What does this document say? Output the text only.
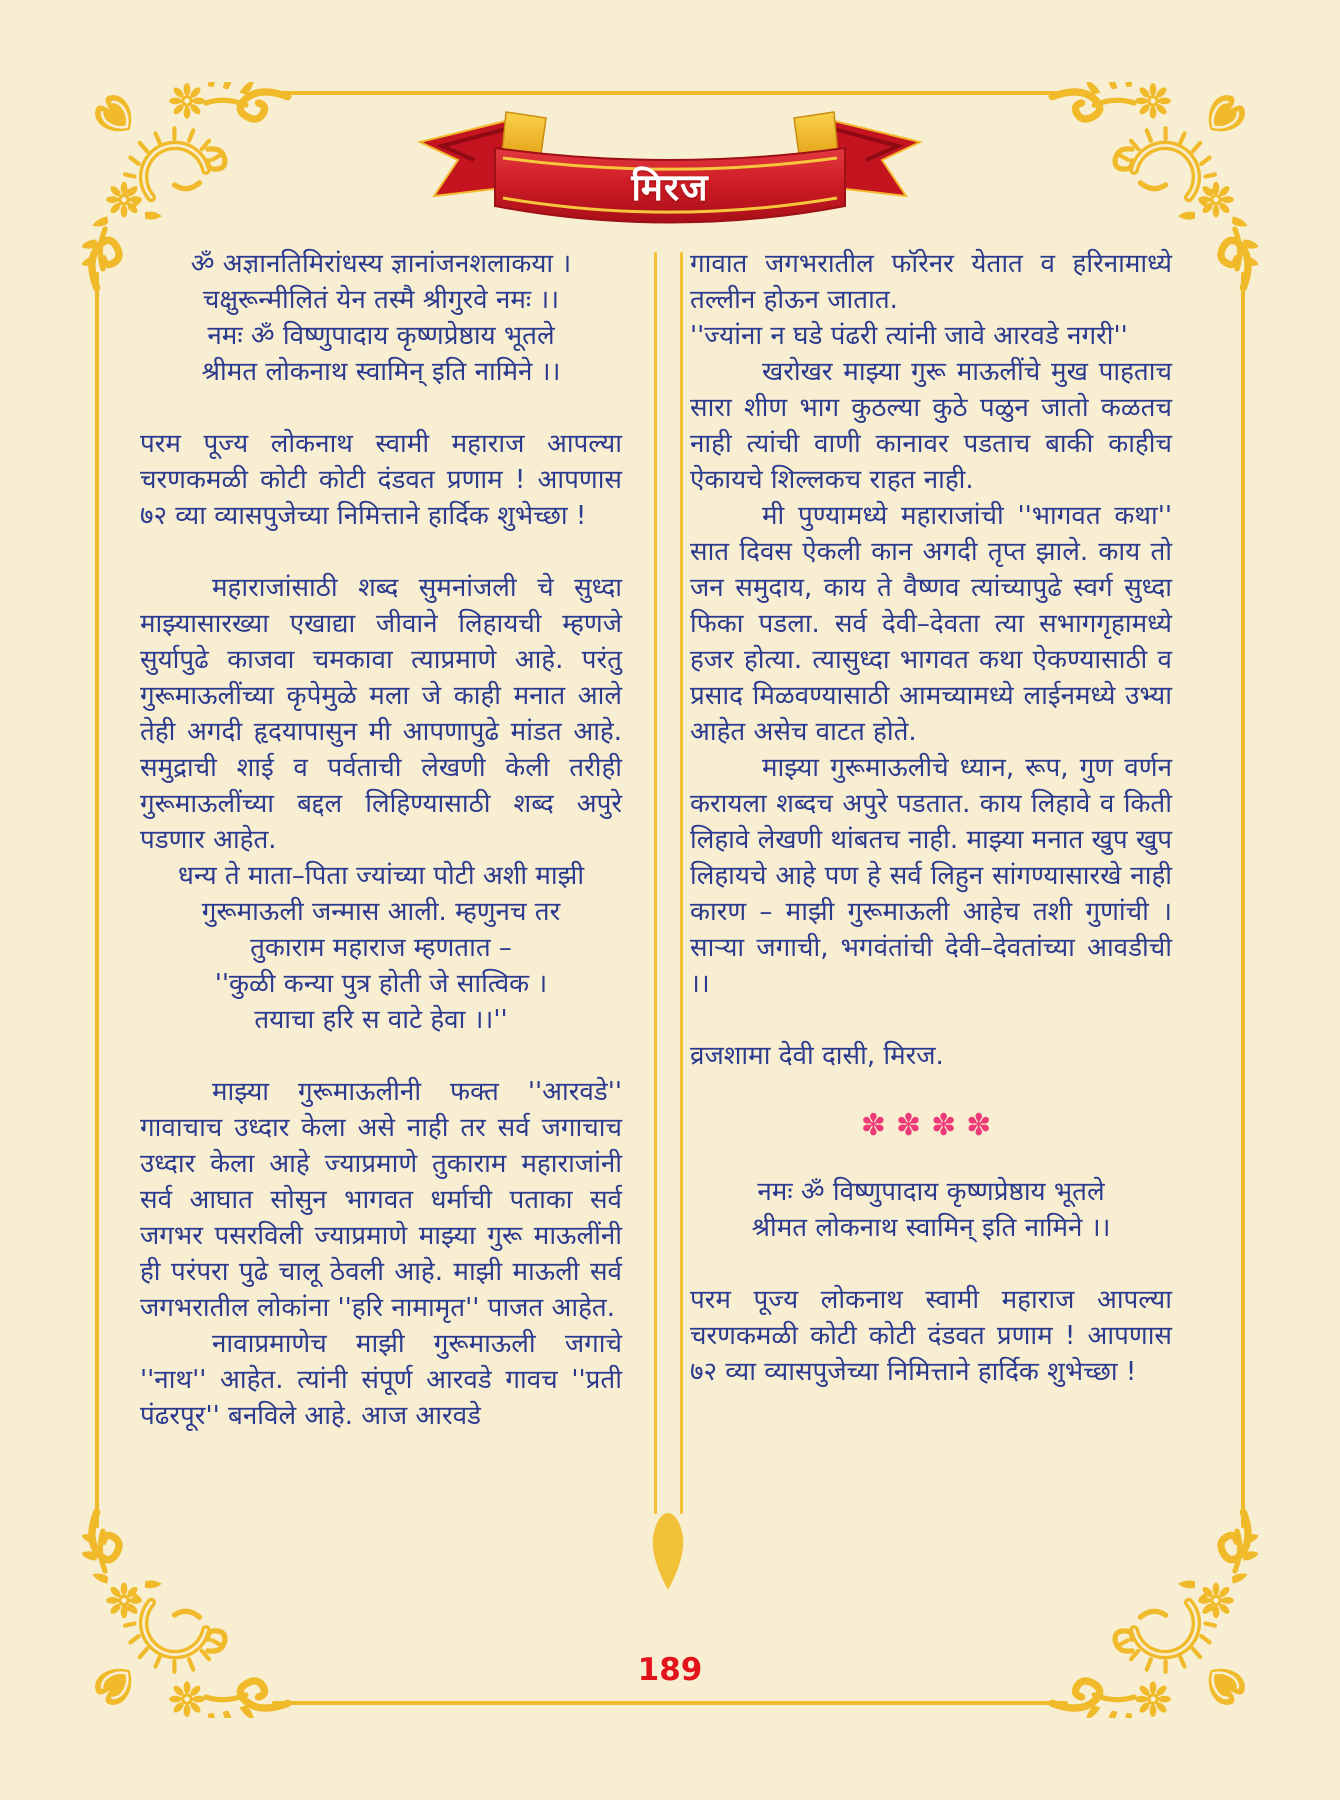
मिरज
ॐ अज्ञानतिमिरांधस्य ज्ञानांजनशलाकया ।
चक्षुरून्मीलितं येन तस्मै श्रीगुरवे नमः ।।
नमः ॐ विष्णुपादाय कृष्णप्रेष्ठाय भूतले
श्रीमत लोकनाथ स्वामिन् इति नामिने ।।

परम पूज्य लोकनाथ स्वामी महाराज आपल्या चरणकमळी कोटी कोटी दंडवत प्रणाम ! आपणास ७२ व्या व्यासपुजेच्या निमित्ताने हार्दिक शुभेच्छा !

महाराजांसाठी शब्द सुमनांजली चे सुध्दा माझ्यासारख्या एखाद्या जीवाने लिहायची म्हणजे सुर्यापुढे काजवा चमकावा त्याप्रमाणे आहे. परंतु गुरूमाऊलींच्या कृपेमुळे मला जे काही मनात आले तेही अगदी हृदयापासुन मी आपणापुढे मांडत आहे. समुद्राची शाई व पर्वताची लेखणी केली तरीही गुरूमाऊलींच्या बद्दल लिहिण्यासाठी शब्द अपुरे पडणार आहेत.

धन्य ते माता–पिता ज्यांच्या पोटी अशी माझी
गुरूमाऊली जन्मास आली. म्हणुनच तर
तुकाराम महाराज म्हणतात –
''कुळी कन्या पुत्र होती जे सात्विक ।
तयाचा हरि स वाटे हेवा ।।''

माझ्या गुरूमाऊलीनी फक्त ''आरवडे'' गावाचाच उध्दार केला असे नाही तर सर्व जगाचाच उध्दार केला आहे ज्याप्रमाणे तुकाराम महाराजांनी सर्व आघात सोसुन भागवत धर्माची पताका सर्व जगभर पसरविली ज्याप्रमाणे माझ्या गुरू माऊलींनी ही परंपरा पुढे चालू ठेवली आहे. माझी माऊली सर्व जगभरातील लोकांना ''हरि नामामृत'' पाजत आहेत.

नावाप्रमाणेच माझी गुरूमाऊली जगाचे ''नाथ'' आहेत. त्यांनी संपूर्ण आरवडे गावच ''प्रती पंढरपूर'' बनविले आहे. आज आरवडे

गावात जगभरातील फॉरेनर येतात व हरिनामाध्ये तल्लीन होऊन जातात.

''ज्यांना न घडे पंढरी त्यांनी जावे आरवडे नगरी''

खरोखर माझ्या गुरू माऊलींचे मुख पाहताच सारा शीण भाग कुठल्या कुठे पळुन जातो कळतच नाही त्यांची वाणी कानावर पडताच बाकी काहीच ऐकायचे शिल्लकच राहत नाही.

मी पुण्यामध्ये महाराजांची ''भागवत कथा'' सात दिवस ऐकली कान अगदी तृप्त झाले. काय तो जन समुदाय, काय ते वैष्णव त्यांच्यापुढे स्वर्ग सुध्दा फिका पडला. सर्व देवी–देवता त्या सभागगृहामध्ये हजर होत्या. त्यासुध्दा भागवत कथा ऐकण्यासाठी व प्रसाद मिळवण्यासाठी आमच्यामध्ये लाईनमध्ये उभ्या आहेत असेच वाटत होते.

माझ्या गुरूमाऊलीचे ध्यान, रूप, गुण वर्णन करायला शब्दच अपुरे पडतात. काय लिहावे व किती लिहावे लेखणी थांबतच नाही. माझ्या मनात खुप खुप लिहायचे आहे पण हे सर्व लिहुन सांगण्यासारखे नाही कारण – माझी गुरूमाऊली आहेच तशी गुणांची । साऱ्या जगाची, भगवंतांची देवी–देवतांच्या आवडीची ।।

व्रजशामा देवी दासी, मिरज.

✽✽✽✽
नमः ॐ विष्णुपादाय कृष्णप्रेष्ठाय भूतले
श्रीमत लोकनाथ स्वामिन् इति नामिने ।।

परम पूज्य लोकनाथ स्वामी महाराज आपल्या चरणकमळी कोटी कोटी दंडवत प्रणाम ! आपणास ७२ व्या व्यासपुजेच्या निमित्ताने हार्दिक शुभेच्छा !

189
